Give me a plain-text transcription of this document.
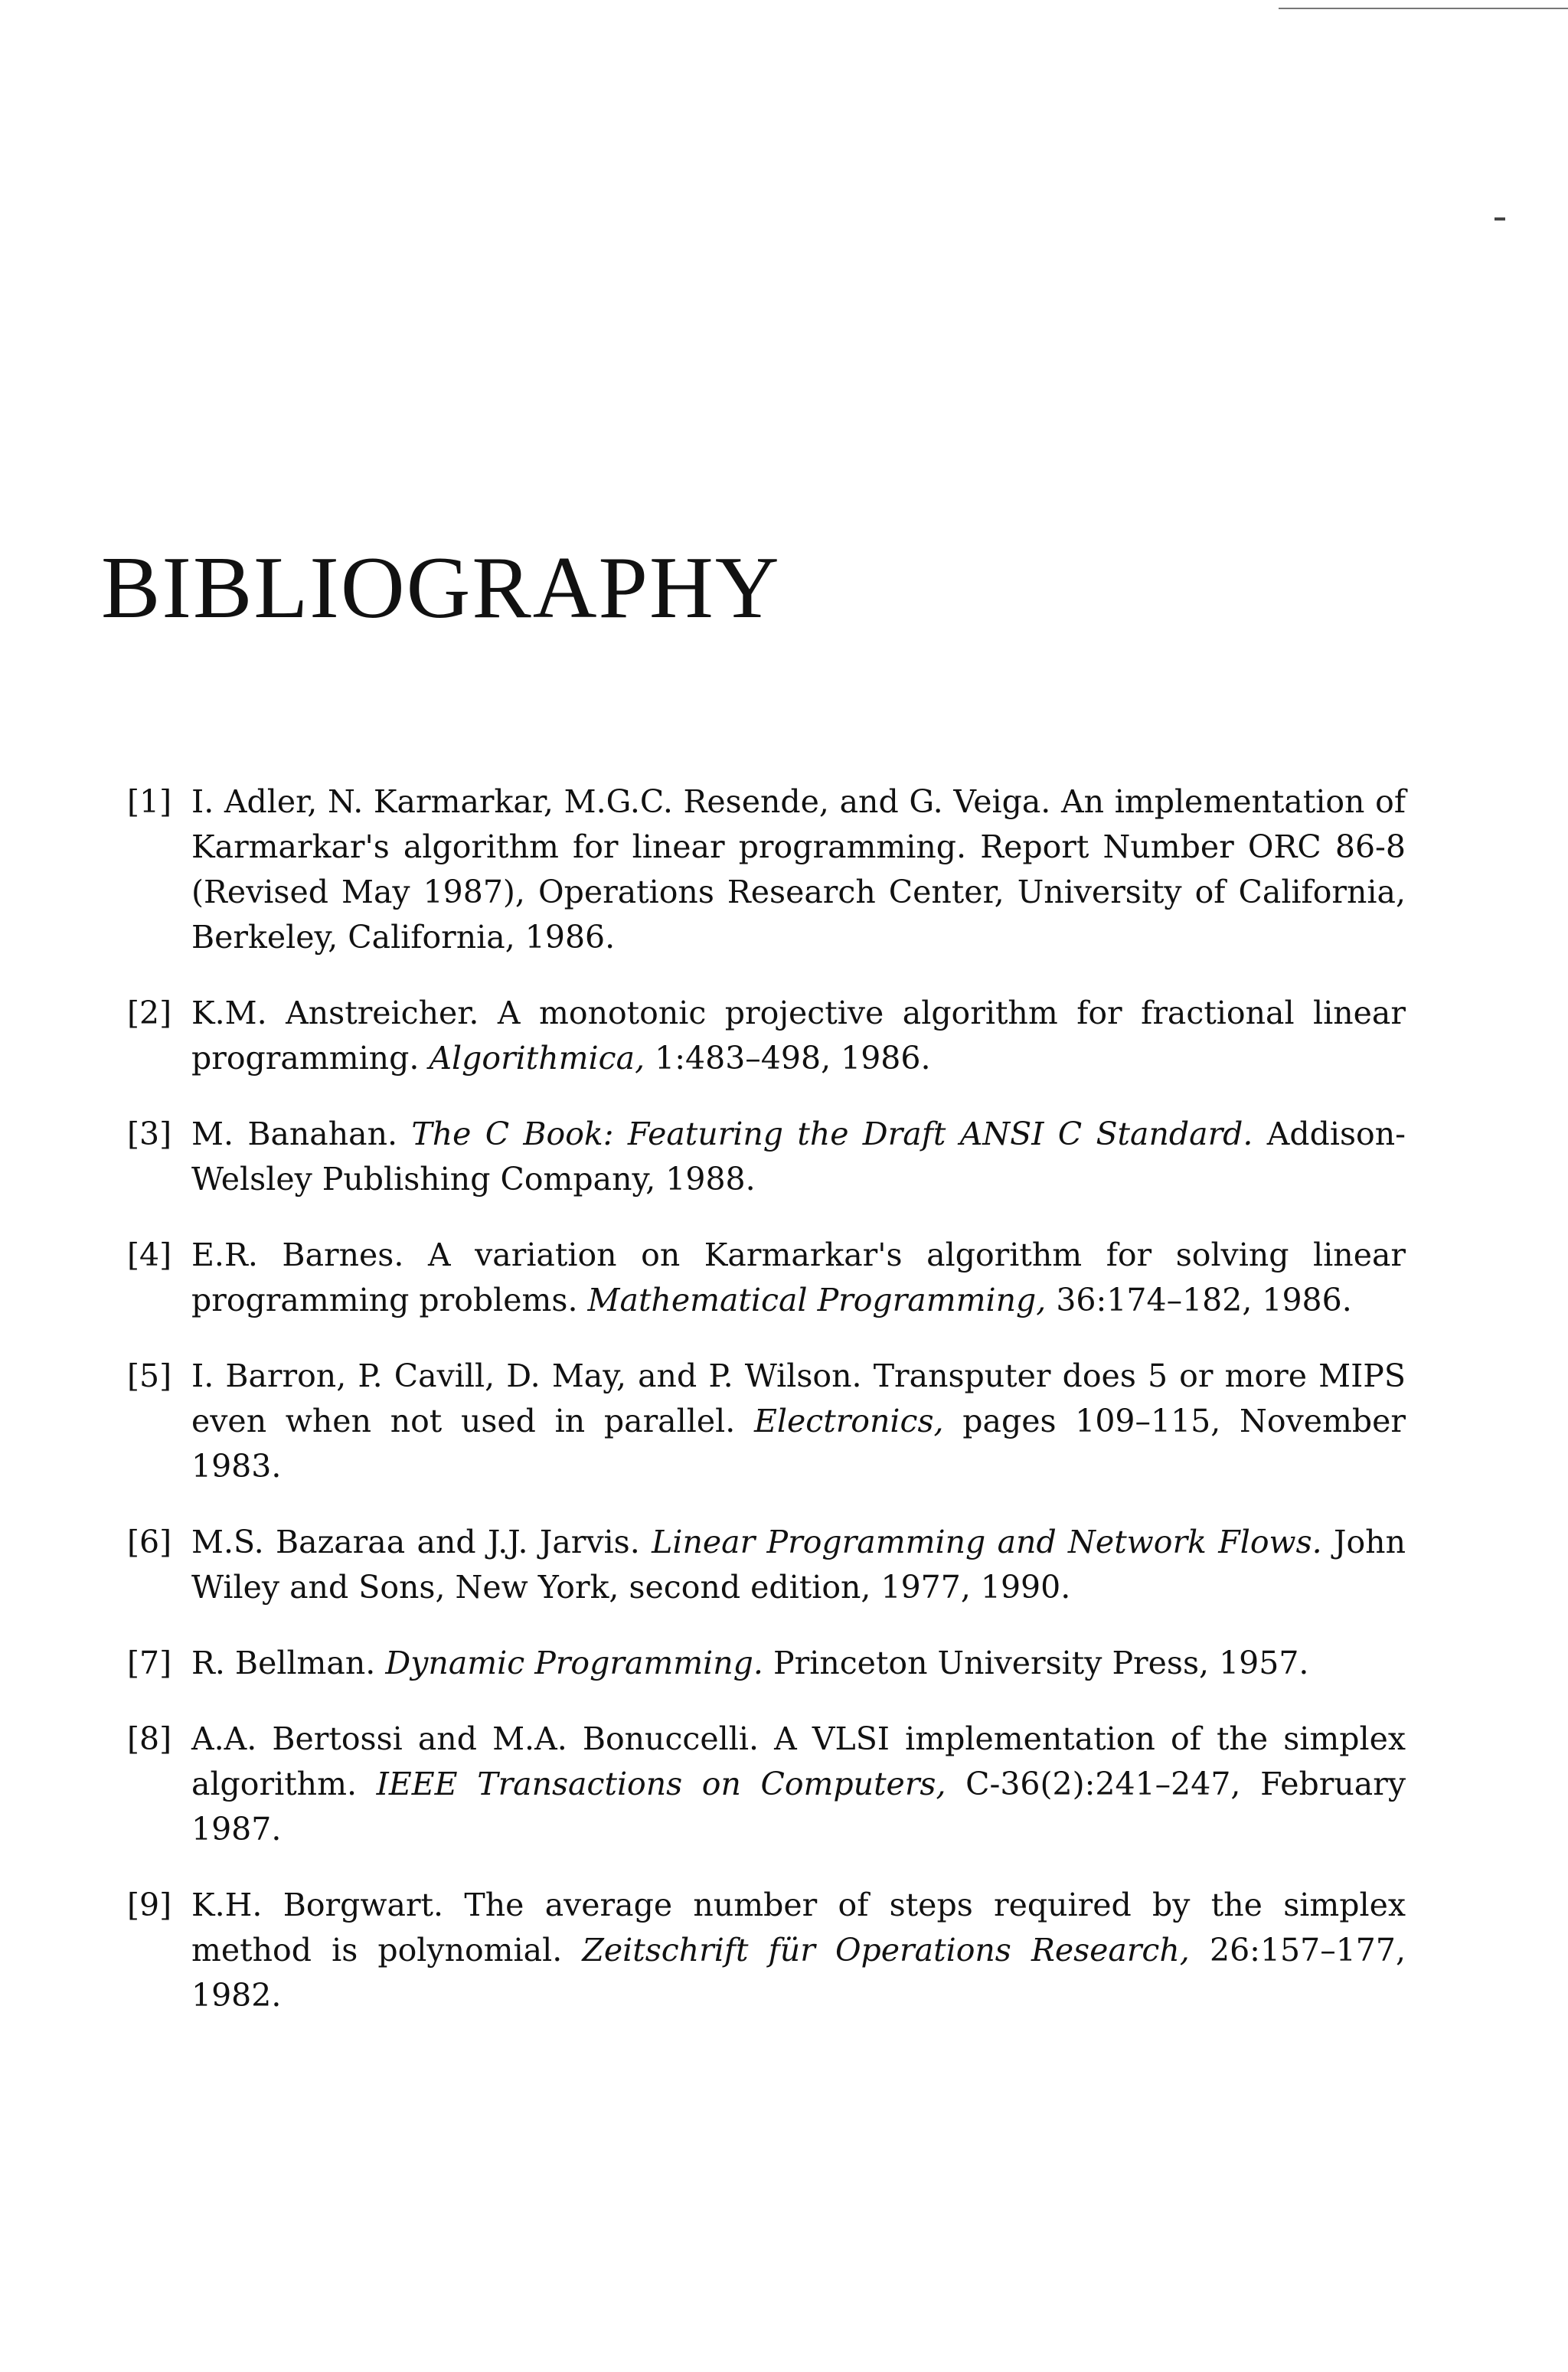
BIBLIOGRAPHY
[1] I. Adler, N. Karmarkar, M.G.C. Resende, and G. Veiga. An implementation of Karmarkar's algorithm for linear programming. Report Number ORC 86-8 (Revised May 1987), Operations Research Center, University of California, Berkeley, California, 1986.
[2] K.M. Anstreicher. A monotonic projective algorithm for fractional linear programming. Algorithmica, 1:483–498, 1986.
[3] M. Banahan. The C Book: Featuring the Draft ANSI C Standard. Addison-Welsley Publishing Company, 1988.
[4] E.R. Barnes. A variation on Karmarkar's algorithm for solving linear programming problems. Mathematical Programming, 36:174–182, 1986.
[5] I. Barron, P. Cavill, D. May, and P. Wilson. Transputer does 5 or more MIPS even when not used in parallel. Electronics, pages 109–115, November 1983.
[6] M.S. Bazaraa and J.J. Jarvis. Linear Programming and Network Flows. John Wiley and Sons, New York, second edition, 1977, 1990.
[7] R. Bellman. Dynamic Programming. Princeton University Press, 1957.
[8] A.A. Bertossi and M.A. Bonuccelli. A VLSI implementation of the simplex algorithm. IEEE Transactions on Computers, C-36(2):241–247, February 1987.
[9] K.H. Borgwart. The average number of steps required by the simplex method is polynomial. Zeitschrift für Operations Research, 26:157–177, 1982.
